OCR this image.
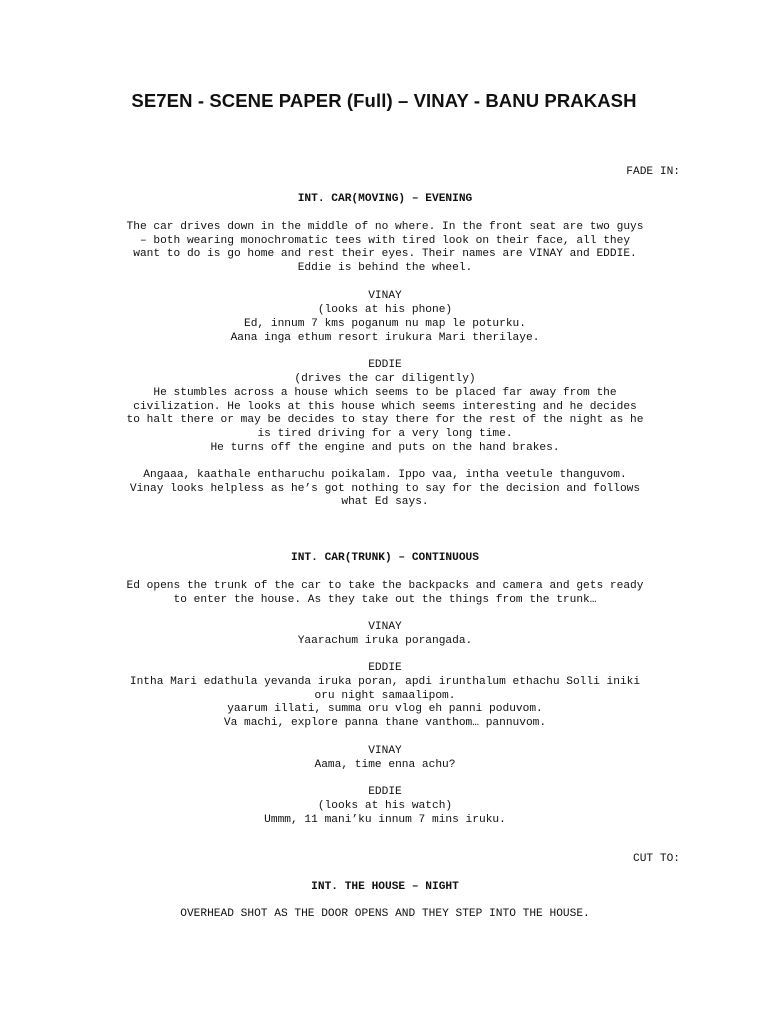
SE7EN - SCENE PAPER (Full) – VINAY - BANU PRAKASH
FADE IN:
INT. CAR(MOVING) – EVENING
The car drives down in the middle of no where. In the front seat are two guys
– both wearing monochromatic tees with tired look on their face, all they
want to do is go home and rest their eyes. Their names are VINAY and EDDIE.
Eddie is behind the wheel.
VINAY
(looks at his phone)
Ed, innum 7 kms poganum nu map le poturku.
Aana inga ethum resort irukura Mari therilaye.
EDDIE
(drives the car diligently)
He stumbles across a house which seems to be placed far away from the
civilization. He looks at this house which seems interesting and he decides
to halt there or may be decides to stay there for the rest of the night as he
is tired driving for a very long time.
He turns off the engine and puts on the hand brakes.
Angaaa, kaathale entharuchu poikalam. Ippo vaa, intha veetule thanguvom.
Vinay looks helpless as he’s got nothing to say for the decision and follows
what Ed says.
INT. CAR(TRUNK) – CONTINUOUS
Ed opens the trunk of the car to take the backpacks and camera and gets ready
to enter the house. As they take out the things from the trunk…
VINAY
Yaarachum iruka porangada.
EDDIE
Intha Mari edathula yevanda iruka poran, apdi irunthalum ethachu Solli iniki
oru night samaalipom.
yaarum illati, summa oru vlog eh panni poduvom.
Va machi, explore panna thane vanthom… pannuvom.
VINAY
Aama, time enna achu?
EDDIE
(looks at his watch)
Ummm, 11 mani’ku innum 7 mins iruku.
CUT TO:
INT. THE HOUSE – NIGHT
OVERHEAD SHOT AS THE DOOR OPENS AND THEY STEP INTO THE HOUSE.
